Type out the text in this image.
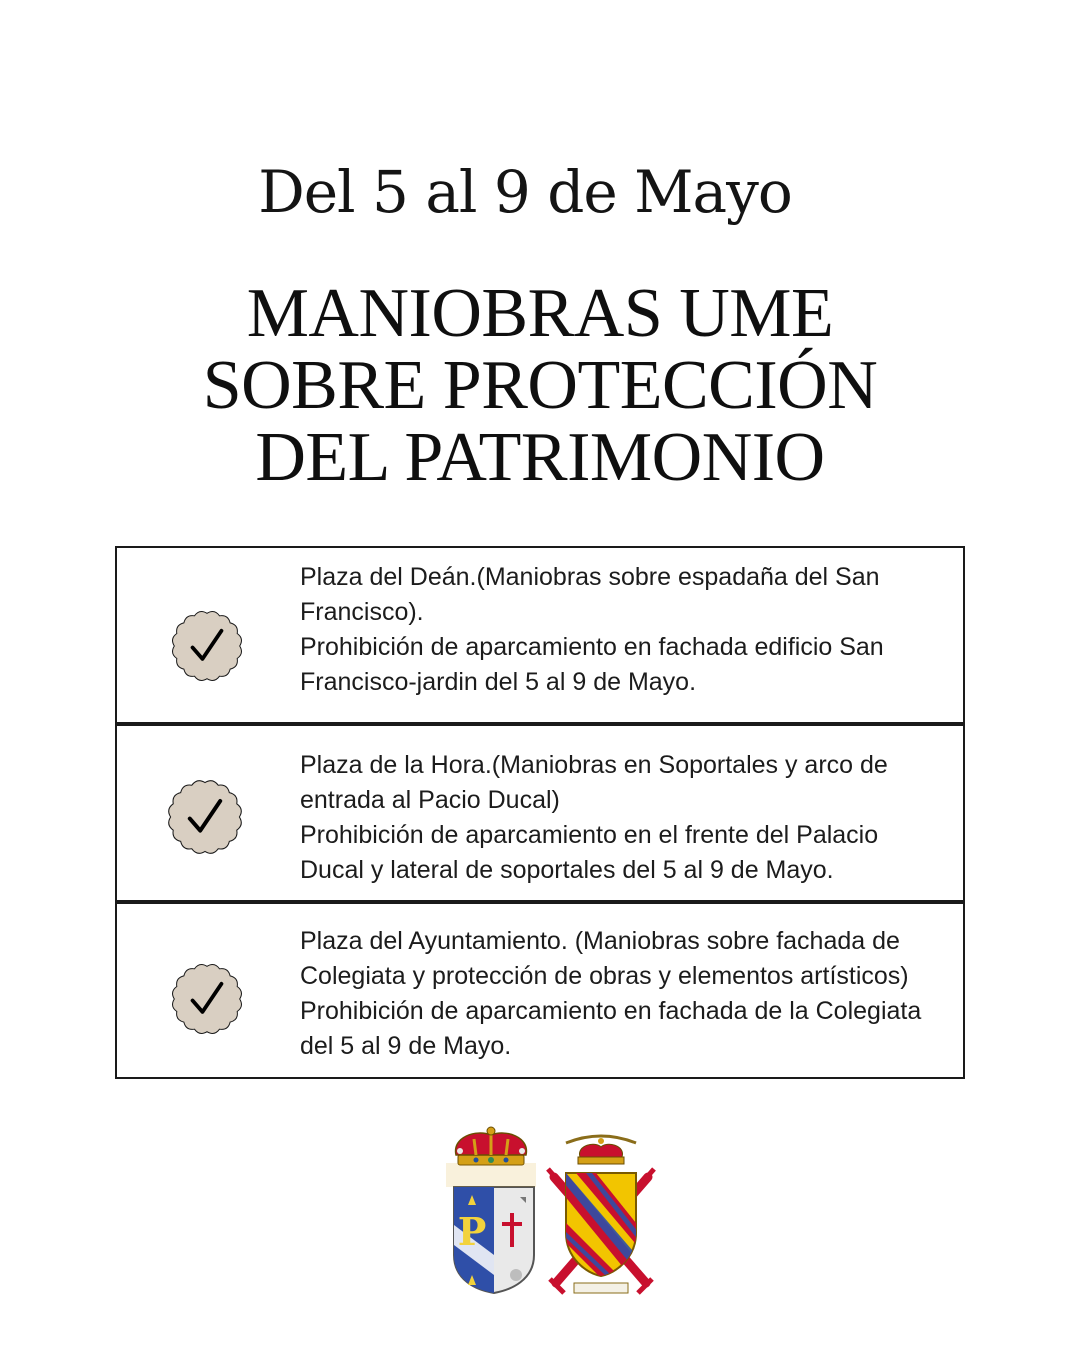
Del 5 al 9 de Mayo
MANIOBRAS UME
SOBRE PROTECCIÓN
DEL PATRIMONIO

Plaza del Deán.(Maniobras sobre espadaña del San Francisco).

Prohibición de aparcamiento en fachada edificio San Francisco-jardin del 5 al 9 de Mayo.

Plaza de la Hora.(Maniobras en Soportales y arco de entrada al Pacio Ducal)

Prohibición de aparcamiento en el frente del Palacio Ducal y lateral de soportales del 5 al 9 de Mayo.

Plaza del Ayuntamiento. (Maniobras sobre fachada de Colegiata y protección de obras y elementos artísticos)

Prohibición de aparcamiento en fachada de la Colegiata del 5 al 9 de Mayo.

P
